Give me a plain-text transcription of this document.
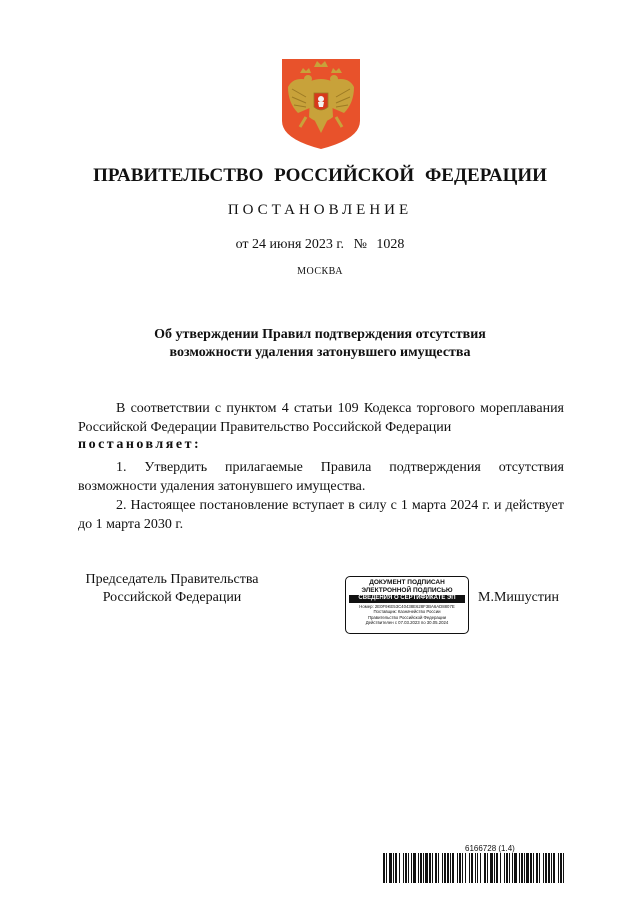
ПРАВИТЕЛЬСТВО РОССИЙСКОЙ ФЕДЕРАЦИИ
ПОСТАНОВЛЕНИЕ
от 24 июня 2023 г. № 1028
МОСКВА
Об утверждении Правил подтверждения отсутствия
возможности удаления затонувшего имущества
В соответствии с пунктом 4 статьи 109 Кодекса торгового мореплавания Российской Федерации Правительство Российской Федерации
постановляет:
1. Утвердить прилагаемые Правила подтверждения отсутствия возможности удаления затонувшего имущества.
2. Настоящее постановление вступает в силу с 1 марта 2024 г. и действует до 1 марта 2030 г.
Председатель Правительства
Российской Федерации
ДОКУМЕНТ ПОДПИСАН
ЭЛЕКТРОННОЙ ПОДПИСЬЮ
СВЕДЕНИЯ О СЕРТИФИКАТЕ ЭП
Номер: 2E0F9KE53C40438E628F3BA6AD8807E
Поставщик: Казначейство России
Правительство Российской Федерации
Действителен с 07.03.2023 по 30.05.2024
М.Мишустин
6166728 (1.4)
